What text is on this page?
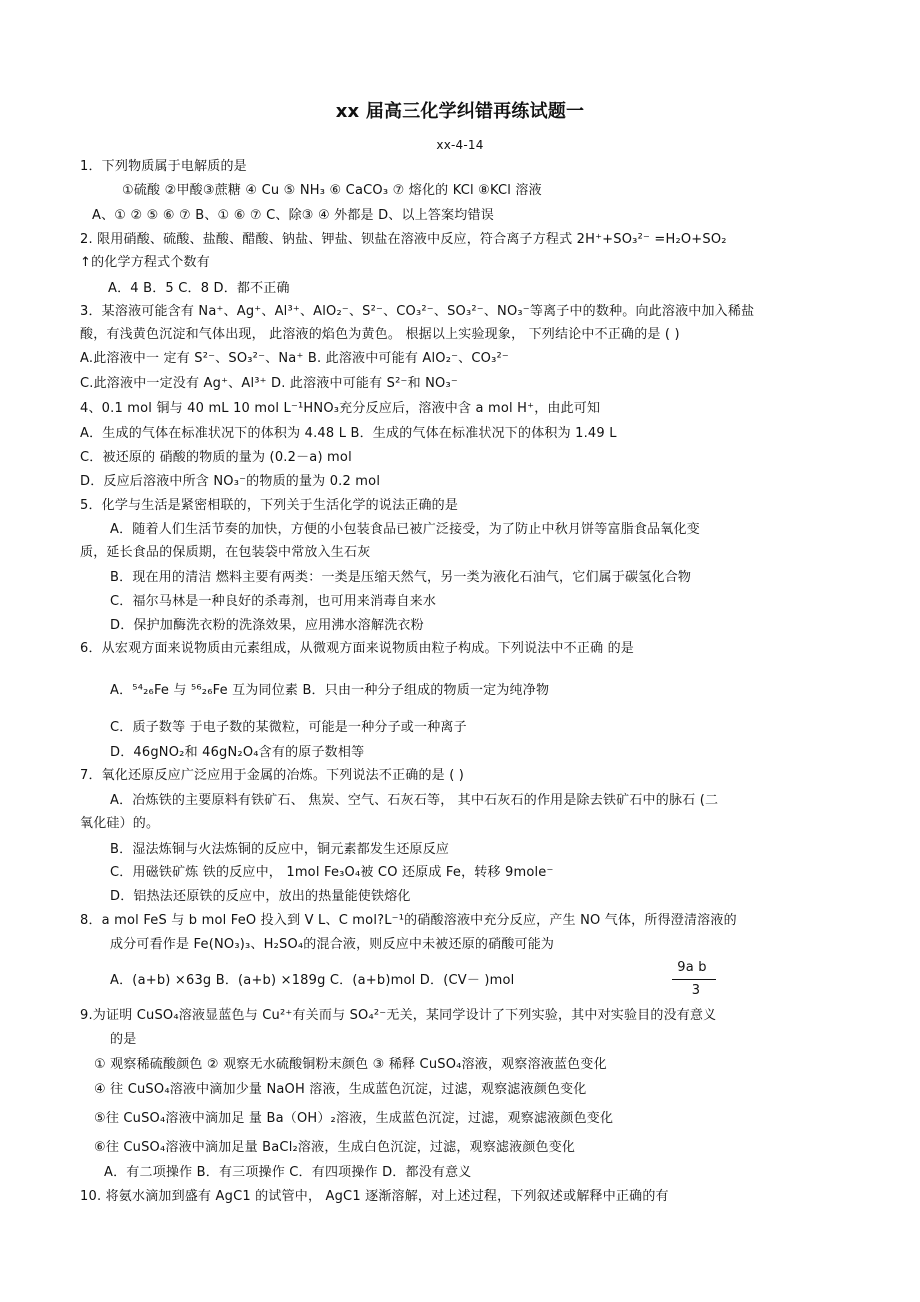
xx 届高三化学纠错再练试题一
xx-4-14
1．下列物质属于电解质的是
①硫酸 ②甲酸③蔗糖 ④ Cu ⑤ NH₃ ⑥ CaCO₃ ⑦ 熔化的 KCl ⑧KCl 溶液
A、① ② ⑤ ⑥ ⑦ B、① ⑥ ⑦ C、除③ ④ 外都是 D、以上答案均错误
2. 限用硝酸、硫酸、盐酸、醋酸、钠盐、钾盐、钡盐在溶液中反应，符合离子方程式 2H⁺+SO₃²⁻ =H₂O+SO₂
↑的化学方程式个数有
A．4 B．5 C．8 D．都不正确
3．某溶液可能含有 Na⁺、Ag⁺、Al³⁺、AlO₂⁻、S²⁻、CO₃²⁻、SO₃²⁻、NO₃⁻等离子中的数种。向此溶液中加入稀盐
酸，有浅黄色沉淀和气体出现， 此溶液的焰色为黄色。 根据以上实验现象， 下列结论中不正确的是 ( )
A.此溶液中一 定有 S²⁻、SO₃²⁻、Na⁺ B. 此溶液中可能有 AlO₂⁻、CO₃²⁻
C.此溶液中一定没有 Ag⁺、Al³⁺ D. 此溶液中可能有 S²⁻和 NO₃⁻
4、0.1 mol 铜与 40 mL 10 mol L⁻¹HNO₃充分反应后，溶液中含 a mol H⁺，由此可知
A．生成的气体在标准状况下的体积为 4.48 L B．生成的气体在标准状况下的体积为 1.49 L
C．被还原的 硝酸的物质的量为 (0.2－a) mol
D．反应后溶液中所含 NO₃⁻的物质的量为 0.2 mol
5．化学与生活是紧密相联的，下列关于生活化学的说法正确的是
A．随着人们生活节奏的加快，方便的小包装食品已被广泛接受，为了防止中秋月饼等富脂食品氧化变
质，延长食品的保质期，在包装袋中常放入生石灰
B．现在用的清洁 燃料主要有两类：一类是压缩天然气，另一类为液化石油气，它们属于碳氢化合物
C．福尔马林是一种良好的杀毒剂，也可用来消毒自来水
D．保护加酶洗衣粉的洗涤效果，应用沸水溶解洗衣粉
6．从宏观方面来说物质由元素组成，从微观方面来说物质由粒子构成。下列说法中不正确 的是
A．⁵⁴₂₆Fe 与 ⁵⁶₂₆Fe 互为同位素 B．只由一种分子组成的物质一定为纯净物
C．质子数等 于电子数的某微粒，可能是一种分子或一种离子
D．46gNO₂和 46gN₂O₄含有的原子数相等
7．氧化还原反应广泛应用于金属的冶炼。下列说法不正确的是 ( )
A．冶炼铁的主要原料有铁矿石、 焦炭、空气、石灰石等， 其中石灰石的作用是除去铁矿石中的脉石 (二
氧化硅）的。
B．湿法炼铜与火法炼铜的反应中，铜元素都发生还原反应
C．用磁铁矿炼 铁的反应中， 1mol Fe₃O₄被 CO 还原成 Fe，转移 9mole⁻
D．铝热法还原铁的反应中，放出的热量能使铁熔化
8．a mol FeS 与 b mol FeO 投入到 V L、C mol?L⁻¹的硝酸溶液中充分反应，产生 NO 气体，所得澄清溶液的
成分可看作是 Fe(NO₃)₃、H₂SO₄的混合液，则反应中未被还原的硝酸可能为
A．(a+b) ×63g B．(a+b) ×189g C．(a+b)mol D．(CV－ )mol
9a b
3
9.为证明 CuSO₄溶液显蓝色与 Cu²⁺有关而与 SO₄²⁻无关，某同学设计了下列实验，其中对实验目的没有意义
的是
① 观察稀硫酸颜色 ② 观察无水硫酸铜粉末颜色 ③ 稀释 CuSO₄溶液，观察溶液蓝色变化
④ 往 CuSO₄溶液中滴加少量 NaOH 溶液，生成蓝色沉淀，过滤，观察滤液颜色变化
⑤往 CuSO₄溶液中滴加足 量 Ba（OH）₂溶液，生成蓝色沉淀，过滤，观察滤液颜色变化
⑥往 CuSO₄溶液中滴加足量 BaCl₂溶液，生成白色沉淀，过滤，观察滤液颜色变化
A．有二项操作 B．有三项操作 C．有四项操作 D．都没有意义
10. 将氨水滴加到盛有 AgC1 的试管中， AgC1 逐渐溶解，对上述过程，下列叙述或解释中正确的有
